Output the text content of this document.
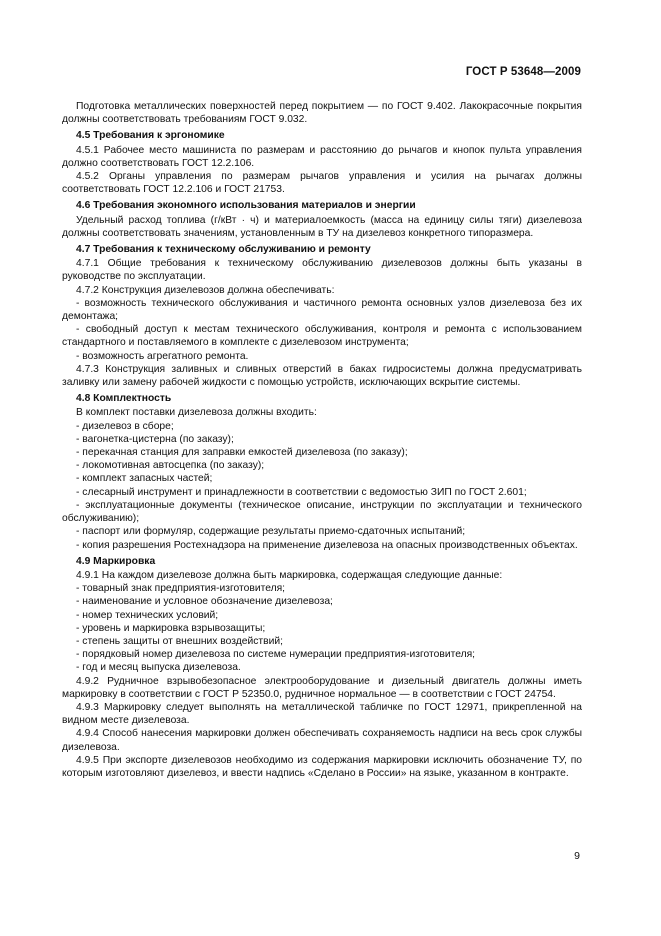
ГОСТ Р 53648—2009

Подготовка металлических поверхностей перед покрытием — по ГОСТ 9.402. Лакокрасочные покрытия должны соответствовать требованиям ГОСТ 9.032.

4.5 Требования к эргономике

4.5.1 Рабочее место машиниста по размерам и расстоянию до рычагов и кнопок пульта управления должно соответствовать ГОСТ 12.2.106.

4.5.2 Органы управления по размерам рычагов управления и усилия на рычагах должны соответствовать ГОСТ 12.2.106 и ГОСТ 21753.

4.6 Требования экономного использования материалов и энергии

Удельный расход топлива (г/кВт · ч) и материалоемкость (масса на единицу силы тяги) дизелевоза должны соответствовать значениям, установленным в ТУ на дизелевоз конкретного типоразмера.

4.7 Требования к техническому обслуживанию и ремонту

4.7.1 Общие требования к техническому обслуживанию дизелевозов должны быть указаны в руководстве по эксплуатации.

4.7.2 Конструкция дизелевозов должна обеспечивать:

- возможность технического обслуживания и частичного ремонта основных узлов дизелевоза без их демонтажа;
- свободный доступ к местам технического обслуживания, контроля и ремонта с использованием стандартного и поставляемого в комплекте с дизелевозом инструмента;
- возможность агрегатного ремонта.

4.7.3 Конструкция заливных и сливных отверстий в баках гидросистемы должна предусматривать заливку или замену рабочей жидкости с помощью устройств, исключающих вскрытие системы.

4.8 Комплектность

В комплект поставки дизелевоза должны входить:

- дизелевоз в сборе;
- вагонетка-цистерна (по заказу);
- перекачная станция для заправки емкостей дизелевоза (по заказу);
- локомотивная автосцепка (по заказу);
- комплект запасных частей;
- слесарный инструмент и принадлежности в соответствии с ведомостью ЗИП по ГОСТ 2.601;
- эксплуатационные документы (техническое описание, инструкции по эксплуатации и технического обслуживанию);
- паспорт или формуляр, содержащие результаты приемо-сдаточных испытаний;
- копия разрешения Ростехнадзора на применение дизелевоза на опасных производственных объектах.
4.9 Маркировка

4.9.1 На каждом дизелевозе должна быть маркировка, содержащая следующие данные:

- товарный знак предприятия-изготовителя;
- наименование и условное обозначение дизелевоза;
- номер технических условий;
- уровень и маркировка взрывозащиты;
- степень защиты от внешних воздействий;
- порядковый номер дизелевоза по системе нумерации предприятия-изготовителя;
- год и месяц выпуска дизелевоза.

4.9.2 Рудничное взрывобезопасное электрооборудование и дизельный двигатель должны иметь маркировку в соответствии с ГОСТ Р 52350.0, рудничное нормальное — в соответствии с ГОСТ 24754.

4.9.3 Маркировку следует выполнять на металлической табличке по ГОСТ 12971, прикрепленной на видном месте дизелевоза.

4.9.4 Способ нанесения маркировки должен обеспечивать сохраняемость надписи на весь срок службы дизелевоза.

4.9.5 При экспорте дизелевозов необходимо из содержания маркировки исключить обозначение ТУ, по которым изготовляют дизелевоз, и ввести надпись «Сделано в России» на языке, указанном в контракте.

9
